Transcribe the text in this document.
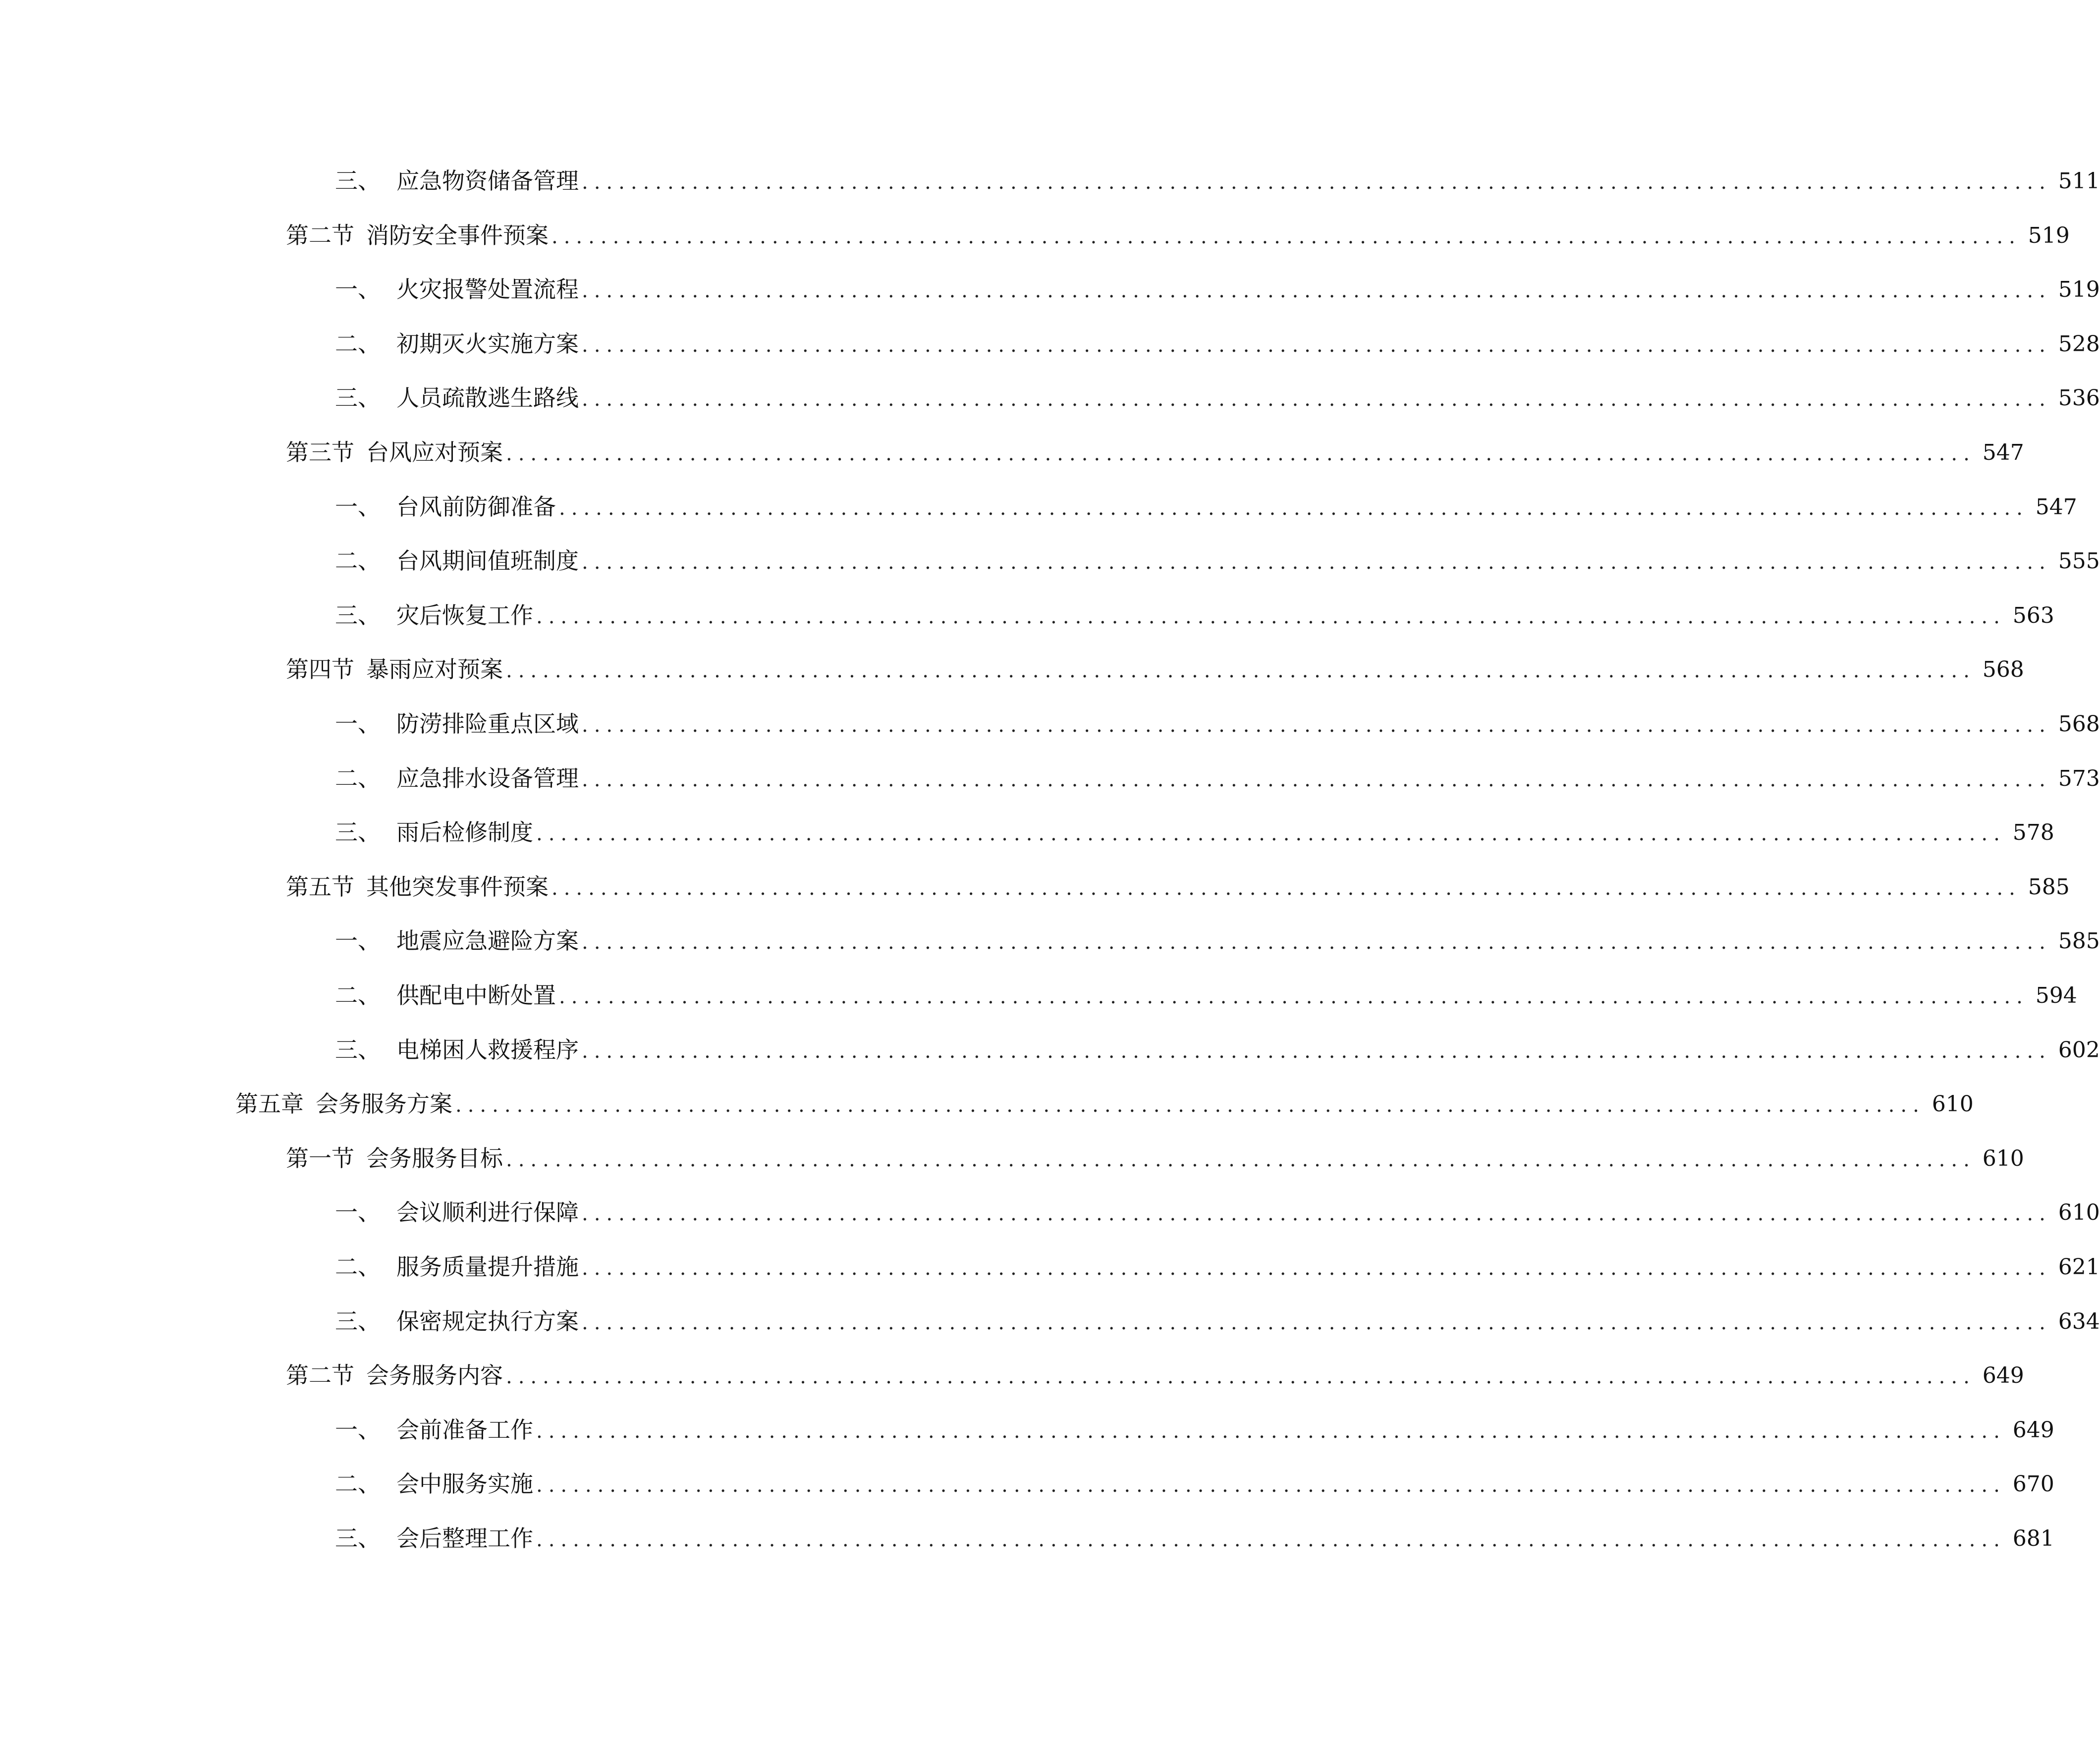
三、 应急物资储备管理 ........................................................................................................................ 511
第二节 消防安全事件预案 ........................................................................................................................ 519
一、 火灾报警处置流程 ........................................................................................................................ 519
二、 初期灭火实施方案 ........................................................................................................................ 528
三、 人员疏散逃生路线 ........................................................................................................................ 536
第三节 台风应对预案 ........................................................................................................................ 547
一、 台风前防御准备 ........................................................................................................................ 547
二、 台风期间值班制度 ........................................................................................................................ 555
三、 灾后恢复工作 ........................................................................................................................ 563
第四节 暴雨应对预案 ........................................................................................................................ 568
一、 防涝排险重点区域 ........................................................................................................................ 568
二、 应急排水设备管理 ........................................................................................................................ 573
三、 雨后检修制度 ........................................................................................................................ 578
第五节 其他突发事件预案 ........................................................................................................................ 585
一、 地震应急避险方案 ........................................................................................................................ 585
二、 供配电中断处置 ........................................................................................................................ 594
三、 电梯困人救援程序 ........................................................................................................................ 602
第五章 会务服务方案 ........................................................................................................................ 610
第一节 会务服务目标 ........................................................................................................................ 610
一、 会议顺利进行保障 ........................................................................................................................ 610
二、 服务质量提升措施 ........................................................................................................................ 621
三、 保密规定执行方案 ........................................................................................................................ 634
第二节 会务服务内容 ........................................................................................................................ 649
一、 会前准备工作 ........................................................................................................................ 649
二、 会中服务实施 ........................................................................................................................ 670
三、 会后整理工作 ........................................................................................................................ 681
